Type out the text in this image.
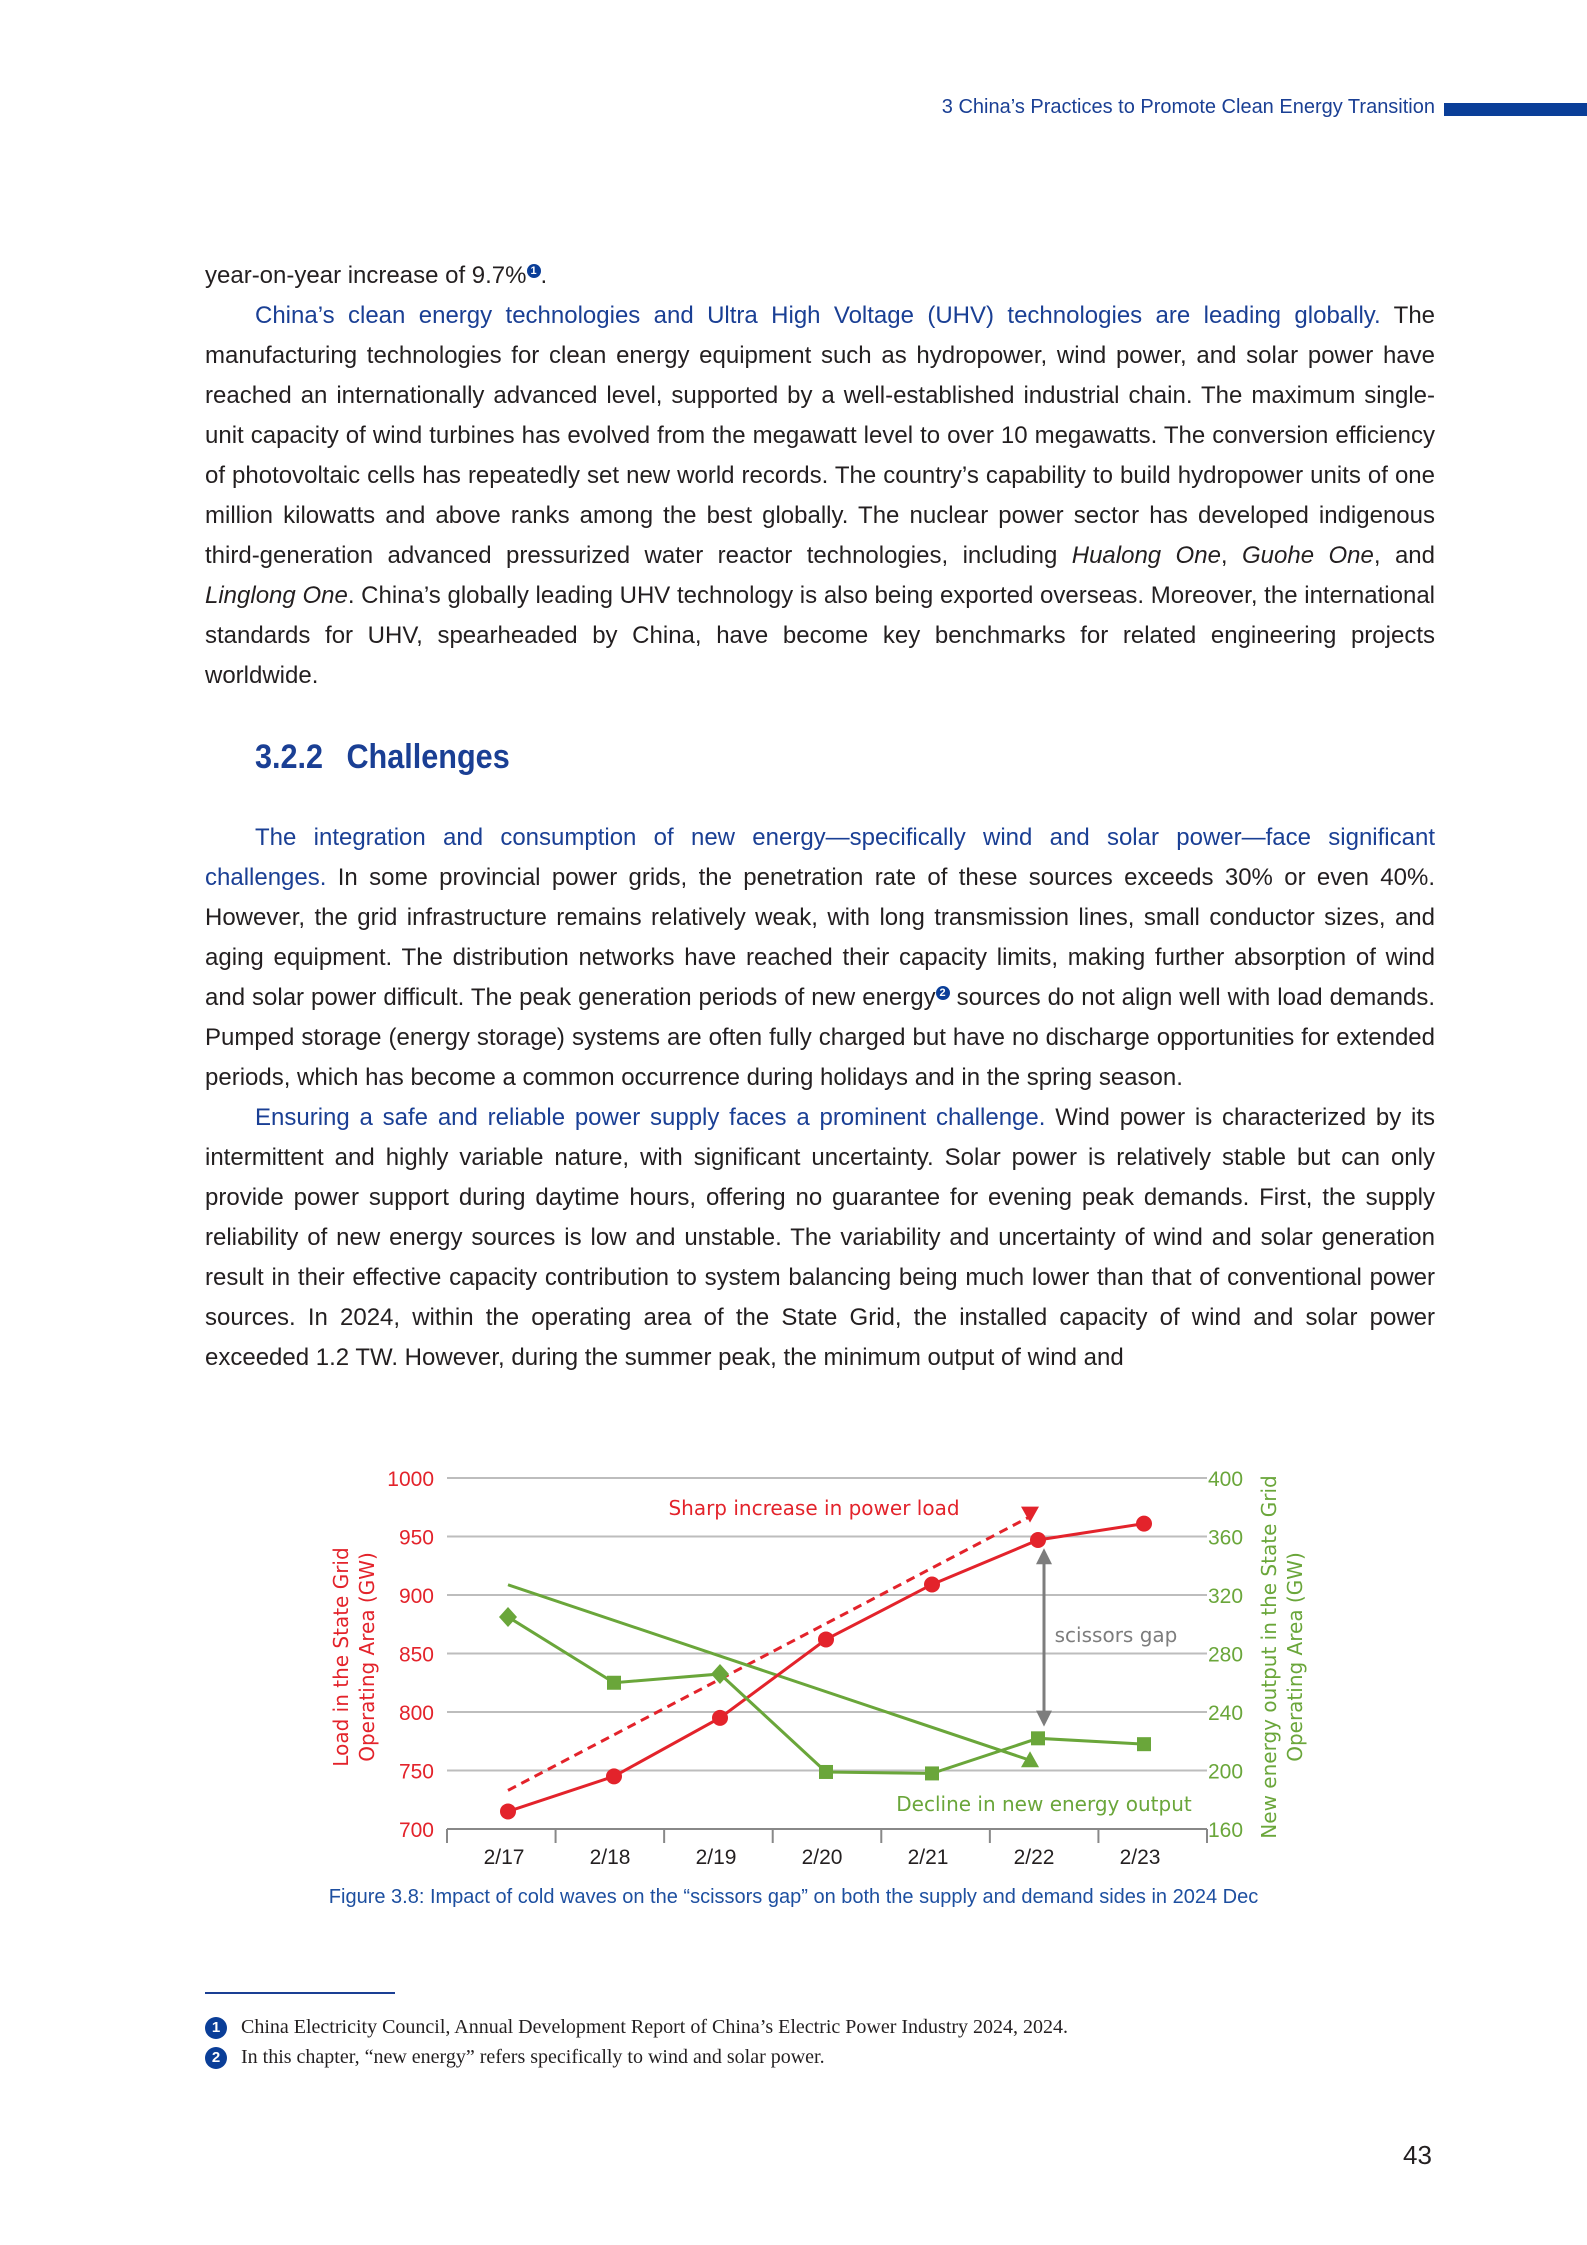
3 China’s Practices to Promote Clean Energy Transition

year-on-year increase of 9.7% $^1$ .

China’s clean energy technologies and Ultra High Voltage (UHV) technologies are leading globally. The manufacturing technologies for clean energy equipment such as hydropower, wind power, and solar power have reached an internationally advanced level, supported by a well-established industrial chain. The maximum single-unit capacity of wind turbines has evolved from the megawatt level to over 10 megawatts. The conversion efficiency of photovoltaic cells has repeatedly set new world records. The country’s capability to build hydropower units of one million kilowatts and above ranks among the best globally. The nuclear power sector has developed indigenous third-generation advanced pressurized water reactor technologies, including Hualong One, Guohe One, and Linglong One. China’s globally leading UHV technology is also being exported overseas. Moreover, the international standards for UHV, spearheaded by China, have become key benchmarks for related engineering projects worldwide.

3.2.2 Challenges

The integration and consumption of new energy—specifically wind and solar power—face significant challenges. In some provincial power grids, the penetration rate of these sources exceeds 30% or even 40%. However, the grid infrastructure remains relatively weak, with long transmission lines, small conductor sizes, and aging equipment. The distribution networks have reached their capacity limits, making further absorption of wind and solar power difficult. The peak generation periods of new energy $^2$ sources do not align well with load demands. Pumped storage (energy storage) systems are often fully charged but have no discharge opportunities for extended periods, which has become a common occurrence during holidays and in the spring season.

Ensuring a safe and reliable power supply faces a prominent challenge. Wind power is characterized by its intermittent and highly variable nature, with significant uncertainty. Solar power is relatively stable but can only provide power support during daytime hours, offering no guarantee for evening peak demands. First, the supply reliability of new energy sources is low and unstable. The variability and uncertainty of wind and solar generation result in their effective capacity contribution to system balancing being much lower than that of conventional power sources. In 2024, within the operating area of the State Grid, the installed capacity of wind and solar power exceeded 1.2 TW. However, during the summer peak, the minimum output of wind and

700	160
750	200
800	240
850	280
900	320
950	360
1000	400
2/17	2/18	2/19	2/20	2/21	2/22	2/23
Load in the State Grid Operating Area (GW)	New energy output in the State Grid Operating Area (GW)
Sharp increase in power load
scissors gap
Decline in new energy output
Figure 3.8: Impact of cold waves on the “scissors gap” on both the supply and demand sides in 2024 Dec
1 China Electricity Council, Annual Development Report of China’s Electric Power Industry 2024, 2024.
2 In this chapter, “new energy” refers specifically to wind and solar power.
43
